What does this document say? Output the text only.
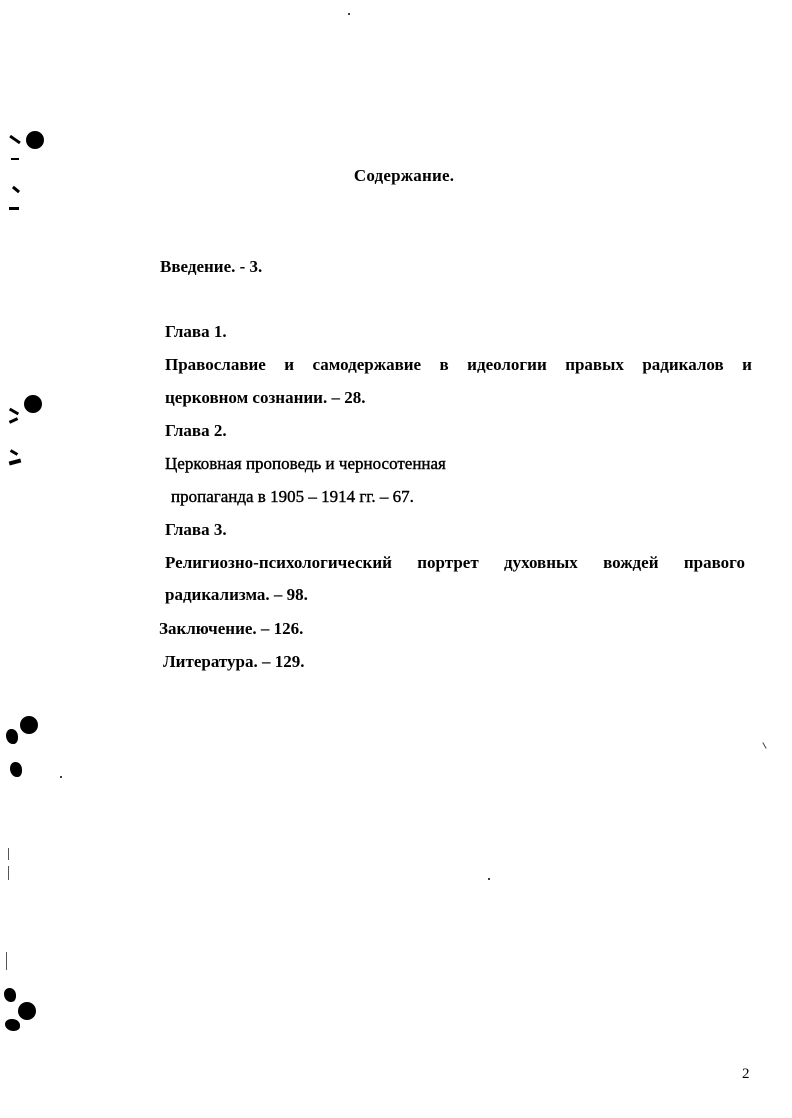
Содержание.
Введение. - 3.
Глава 1.
Православие и самодержавие в идеологии правых радикалов и
церковном сознании. – 28.
Глава 2.
Церковная проповедь и черносотенная
пропаганда в 1905 – 1914 гг. – 67.
Глава 3.
Религиозно-психологический портрет духовных вождей правого
радикализма. – 98.
Заключение. – 126.
Литература. – 129.
2
